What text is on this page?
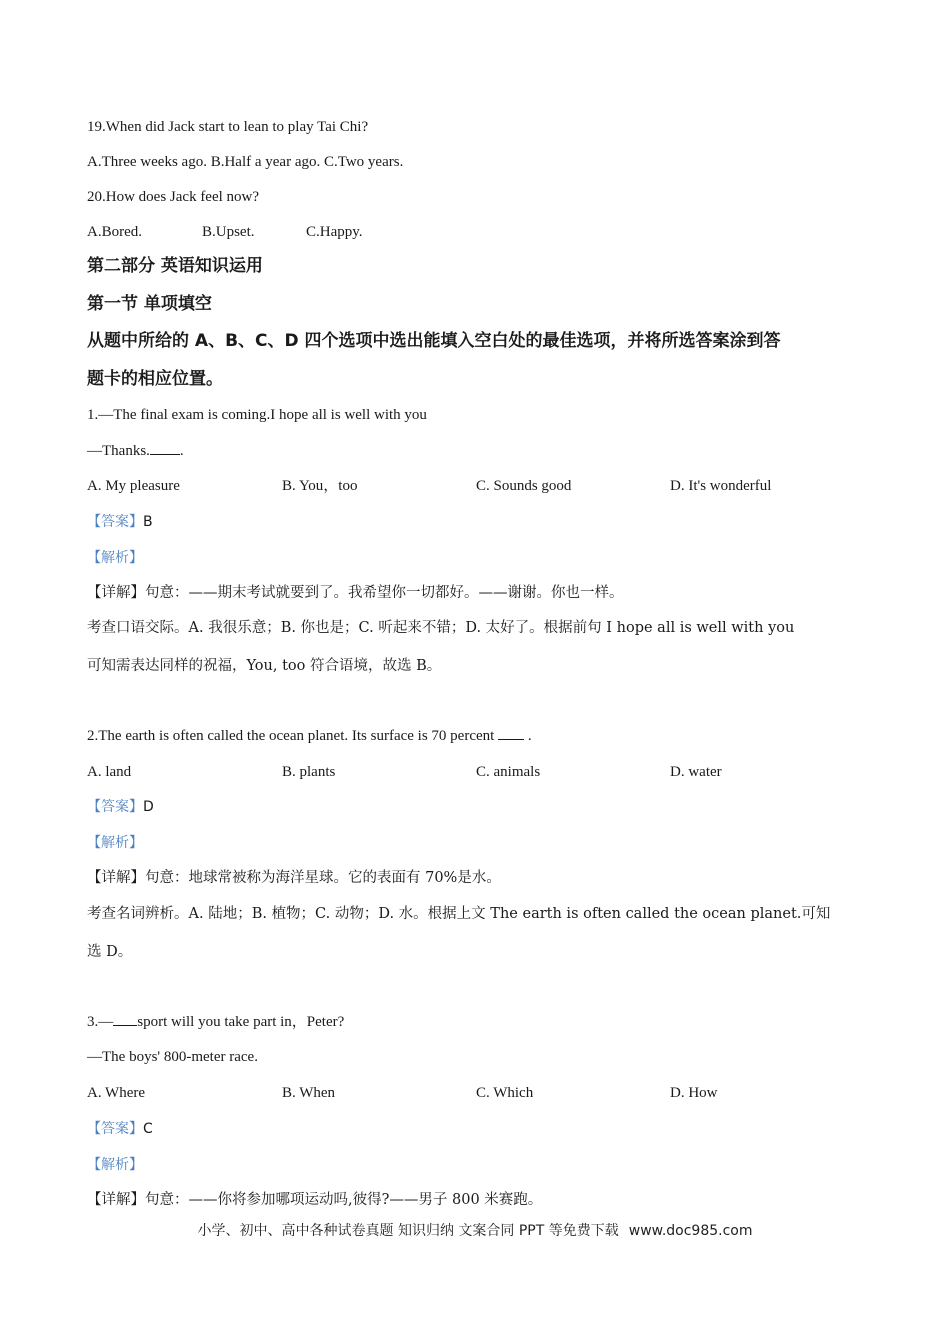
19.When did Jack start to lean to play Tai Chi?
A.Three weeks ago. B.Half a year ago. C.Two years.
20.How does Jack feel now?
A.Bored.	B.Upset.	C.Happy.
第二部分 英语知识运用
第一节 单项填空
从题中所给的 A、B、C、D 四个选项中选出能填入空白处的最佳选项，并将所选答案涂到答
题卡的相应位置。
1.—The final exam is coming.I hope all is well with you
—Thanks. .
A. My pleasure	B. You，too	C. Sounds good	D. It's wonderful
【答案】B
【解析】
【详解】句意：——期末考试就要到了。我希望你一切都好。——谢谢。你也一样。
考查口语交际。A. 我很乐意；B. 你也是；C. 听起来不错；D. 太好了。根据前句 I hope all is well with you
可知需表达同样的祝福，You, too 符合语境，故选 B。
2.The earth is often called the ocean planet. Its surface is 70 percent  .
A. land	B. plants	C. animals	D. water
【答案】D
【解析】
【详解】句意：地球常被称为海洋星球。它的表面有 70%是水。
考查名词辨析。A. 陆地；B. 植物；C. 动物；D. 水。根据上文 The earth is often called the ocean planet.可知
选 D。
3.— sport will you take part in，Peter?
—The boys' 800-meter race.
A. Where	B. When	C. Which	D. How
【答案】C
【解析】
【详解】句意：——你将参加哪项运动吗,彼得?——男子 800 米赛跑。
小学、初中、高中各种试卷真题 知识归纳 文案合同 PPT 等免费下载 www.doc985.com
